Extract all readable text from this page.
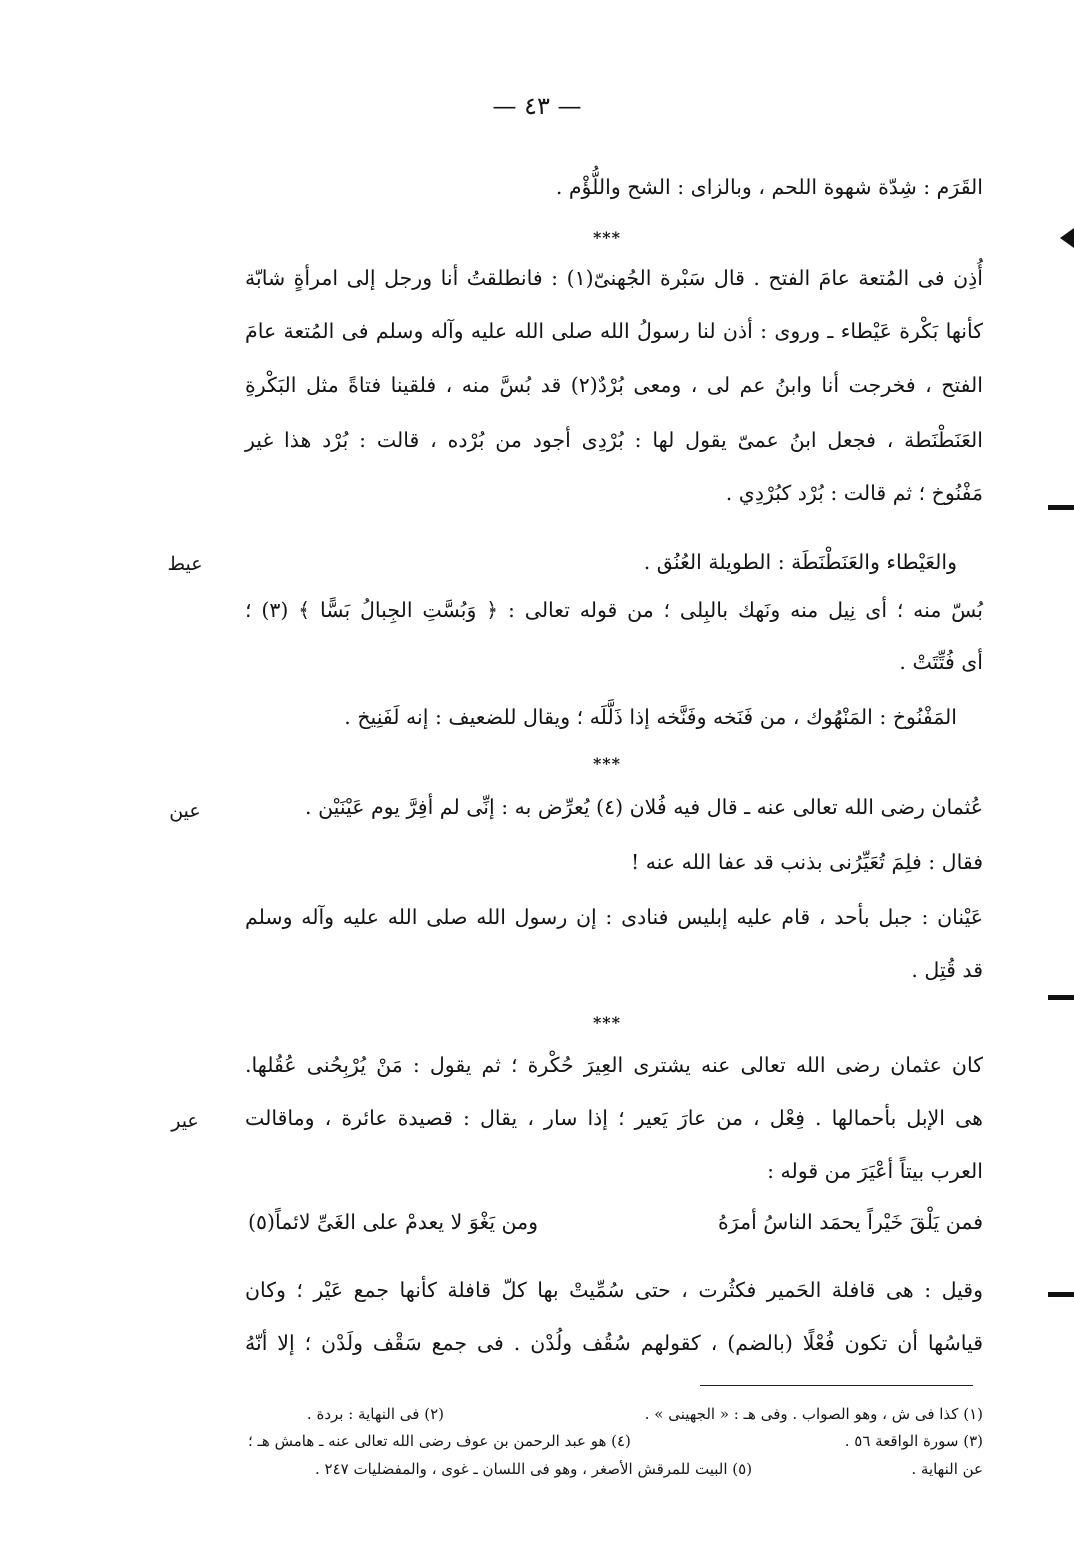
— ٤٣ —
القَرَم : شِدّة شهوة اللحم ، وبالزاى : الشح واللُّؤْم .
***
أُذِن فى المُتعة عامَ الفتح . قال سَبْرة الجُهنىّ(١) : فانطلقتُ أنا ورجل إلى امرأةٍ شابّة
كأنها بَكْرة عَيْطاء ـ وروى : أذن لنا رسولُ الله صلى الله عليه وآله وسلم فى المُتعة عامَ
الفتح ، فخرجت أنا وابنُ عم لى ، ومعى بُرْدٌ(٢) قد بُسَّ منه ، فلقينا فتاةً مثل البَكْرةِ
العَنَطْنَطة ، فجعل ابنُ عمىّ يقول لها : بُرْدِى أجود من بُرْده ، قالت : بُرْد هذا غير
مَفْنُوخ ؛ ثم قالت : بُرْد كبُرْدِي .
والعَيْطاء والعَنَطْنَطَة : الطويلة العُنُق .
عيط
بُسّ منه ؛ أى نِيل منه ونَهك بالبِلى ؛ من قوله تعالى : ﴿ وَبُسَّتِ الجِبالُ بَسًّا ﴾ (٣) ؛
أى فُتِّتَتْ .
المَفْنُوخ : المَنْهُوك ، من فَنَخه وفَنَّخه إذا ذَلَّلَه ؛ ويقال للضعيف : إنه لَفَنِيخ .
***
عُثمان رضى الله تعالى عنه ـ قال فيه فُلان (٤) يُعرِّض به : إنِّى لم أفِرَّ يوم عَيْنَيْن .
عين
فقال : فلِمَ تُعَيِّرُنى بذنب قد عفا الله عنه !
عَيْنان : جبل بأحد ، قام عليه إبليس فنادى : إن رسول الله صلى الله عليه وآله وسلم
قد قُتِل .
***
كان عثمان رضى الله تعالى عنه يشترى العِيرَ حُكْرة ؛ ثم يقول : مَنْ يُرْبِحُنى عُقُلها.
هى الإبل بأحمالها . فِعْل ، من عارَ يَعير ؛ إذا سار ، يقال : قصيدة عائرة ، وماقالت
عير
العرب بيتاً أعْيَرَ من قوله :
فمن يَلْقَ خَيْراً يحمَد الناسُ أمرَهُ
ومن يَغْوَ لا يعدمْ على الغَىِّ لائماً(٥)
وقيل : هى قافلة الحَمير فكثُرت ، حتى سُمِّيتْ بها كلّ قافلة كأنها جمع عَيْر ؛ وكان
قياسُها أن تكون فُعْلًا (بالضم) ، كقولهم سُقُف ولُدْن . فى جمع سَقْف ولَدْن ؛ إلا أنّهُ
(١) كذا فى ش ، وهو الصواب . وفى هـ : « الجهينى » .
(٢) فى النهاية : بردة .
(٣) سورة الواقعة ٥٦ .
(٤) هو عبد الرحمن بن عوف رضى الله تعالى عنه ـ هامش هـ ؛
عن النهاية .
(٥) البيت للمرقش الأصغر ، وهو فى اللسان ـ غوى ، والمفضليات ٢٤٧ .
